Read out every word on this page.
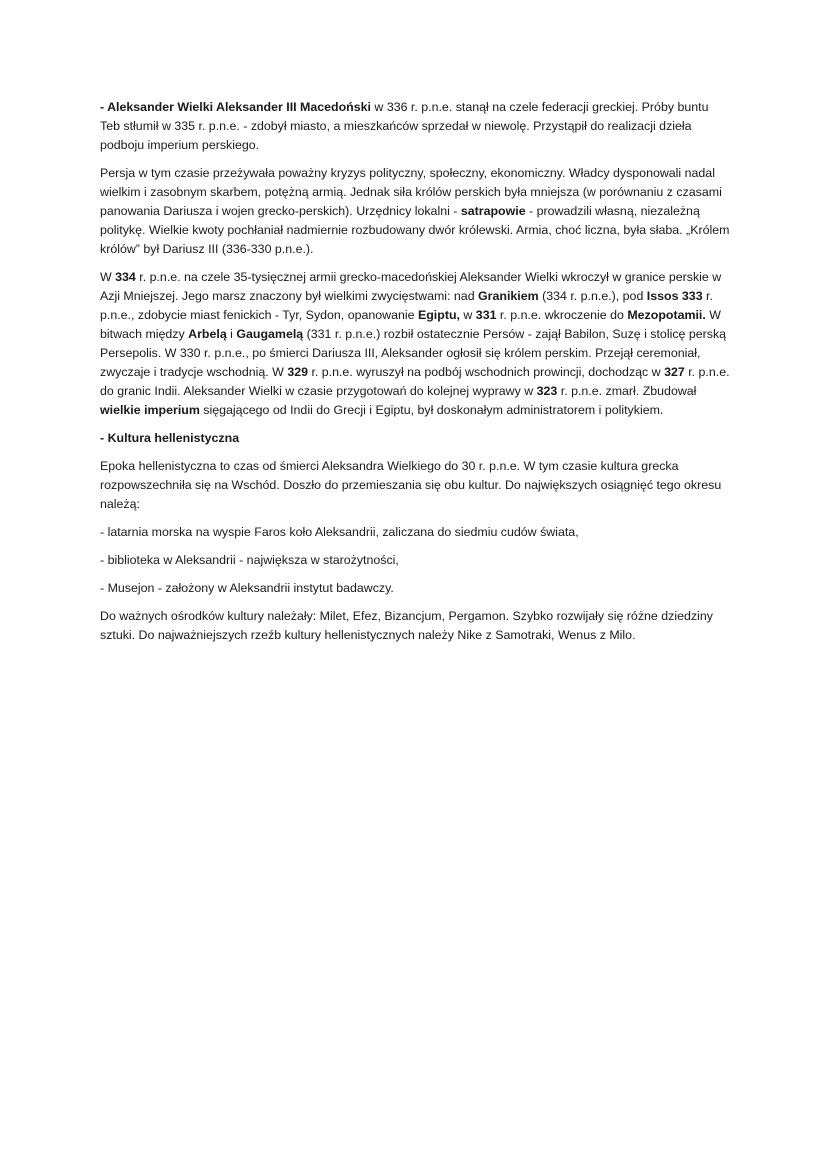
- Aleksander Wielki Aleksander III Macedoński w 336 r. p.n.e. stanął na czele federacji greckiej. Próby buntu Teb stłumił w 335 r. p.n.e. - zdobył miasto, a mieszkańców sprzedał w niewolę. Przystąpił do realizacji dzieła podboju imperium perskiego.

Persja w tym czasie przeżywała poważny kryzys polityczny, społeczny, ekonomiczny. Władcy dysponowali nadal wielkim i zasobnym skarbem, potężną armią. Jednak siła królów perskich była mniejsza (w porównaniu z czasami panowania Dariusza i wojen grecko-perskich). Urzędnicy lokalni - satrapowie - prowadzili własną, niezależną politykę. Wielkie kwoty pochłaniał nadmiernie rozbudowany dwór królewski. Armia, choć liczna, była słaba. „Królem królów” był Dariusz III (336-330 p.n.e.).

W 334 r. p.n.e. na czele 35-tysięcznej armii grecko-macedońskiej Aleksander Wielki wkroczył w granice perskie w Azji Mniejszej. Jego marsz znaczony był wielkimi zwycięstwami: nad Granikiem (334 r. p.n.e.), pod Issos 333 r. p.n.e., zdobycie miast fenickich - Tyr, Sydon, opanowanie Egiptu, w 331 r. p.n.e. wkroczenie do Mezopotamii. W bitwach między Arbelą i Gaugamelą (331 r. p.n.e.) rozbił ostatecznie Persów - zajął Babilon, Suzę i stolicę perską Persepolis. W 330 r. p.n.e., po śmierci Dariusza III, Aleksander ogłosił się królem perskim. Przejął ceremoniał, zwyczaje i tradycje wschodnią. W 329 r. p.n.e. wyruszył na podbój wschodnich prowincji, dochodząc w 327 r. p.n.e. do granic Indii. Aleksander Wielki w czasie przygotowań do kolejnej wyprawy w 323 r. p.n.e. zmarł. Zbudował wielkie imperium sięgającego od Indii do Grecji i Egiptu, był doskonałym administratorem i politykiem.

- Kultura hellenistyczna

Epoka hellenistyczna to czas od śmierci Aleksandra Wielkiego do 30 r. p.n.e. W tym czasie kultura grecka rozpowszechniła się na Wschód. Doszło do przemieszania się obu kultur. Do największych osiągnięć tego okresu należą:

- latarnia morska na wyspie Faros koło Aleksandrii, zaliczana do siedmiu cudów świata,

- biblioteka w Aleksandrii - największa w starożytności,

- Musejon - założony w Aleksandrii instytut badawczy.

Do ważnych ośrodków kultury należały: Milet, Efez, Bizancjum, Pergamon. Szybko rozwijały się różne dziedziny sztuki. Do najważniejszych rzeźb kultury hellenistycznych należy Nike z Samotraki, Wenus z Milo.
